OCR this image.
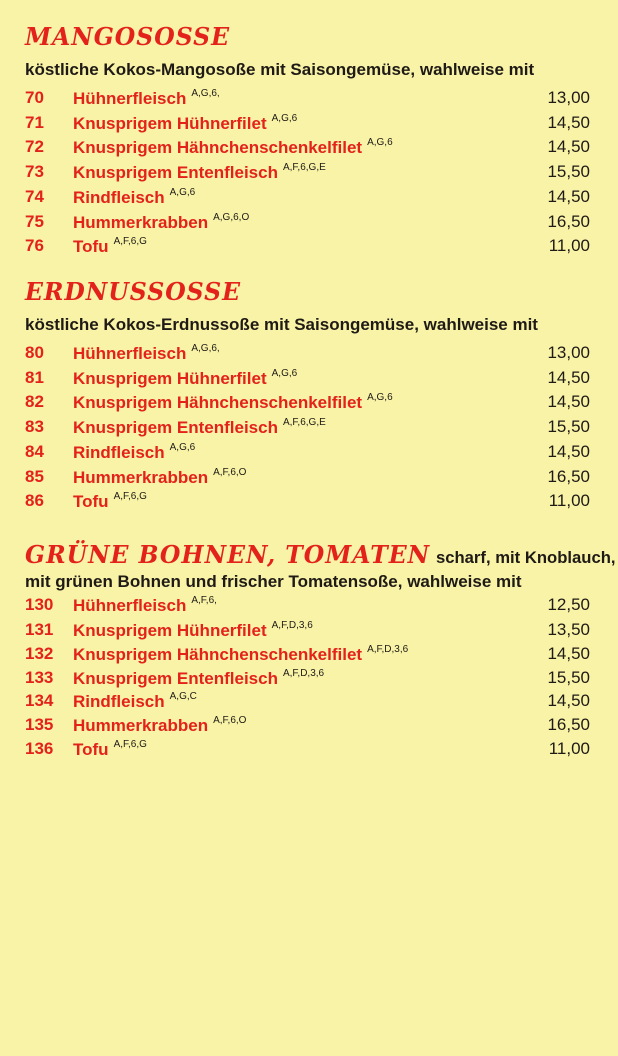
MANGOSOSSE
köstliche Kokos-Mangosoße mit Saisongemüse, wahlweise mit
70 Hühnerfleisch $^{A,G,6,}$	13,00
71 Knusprigem Hühnerfilet $^{A,G,6}$	14,50
72 Knusprigem Hähnchenschenkelfilet $^{A,G,6}$	14,50
73 Knusprigem Entenfleisch $^{A,F,6,G,E}$	15,50
74 Rindfleisch $^{A,G,6}$	14,50
75 Hummerkrabben $^{A,G,6,O}$	16,50
76 Tofu $^{A,F,6,G}$	11,00
ERDNUSSOSSE
köstliche Kokos-Erdnussoße mit Saisongemüse, wahlweise mit
80 Hühnerfleisch $^{A,G,6,}$	13,00
81 Knusprigem Hühnerfilet $^{A,G,6}$	14,50
82 Knusprigem Hähnchenschenkelfilet $^{A,G,6}$	14,50
83 Knusprigem Entenfleisch $^{A,F,6,G,E}$	15,50
84 Rindfleisch $^{A,G,6}$	14,50
85 Hummerkrabben $^{A,F,6,O}$	16,50
86 Tofu $^{A,F,6,G}$	11,00
GRÜNE BOHNEN, TOMATEN scharf, mit Knoblauch,
mit grünen Bohnen und frischer Tomatensoße, wahlweise mit
130 Hühnerfleisch $^{A,F,6,}$	12,50
131 Knusprigem Hühnerfilet $^{A,F,D,3,6}$	13,50
132 Knusprigem Hähnchenschenkelfilet $^{A,F,D,3,6}$	14,50
133 Knusprigem Entenfleisch $^{A,F,D,3,6}$	15,50
134 Rindfleisch $^{A,G,C}$	14,50
135 Hummerkrabben $^{A,F,6,O}$	16,50
136 Tofu $^{A,F,6,G}$	11,00
